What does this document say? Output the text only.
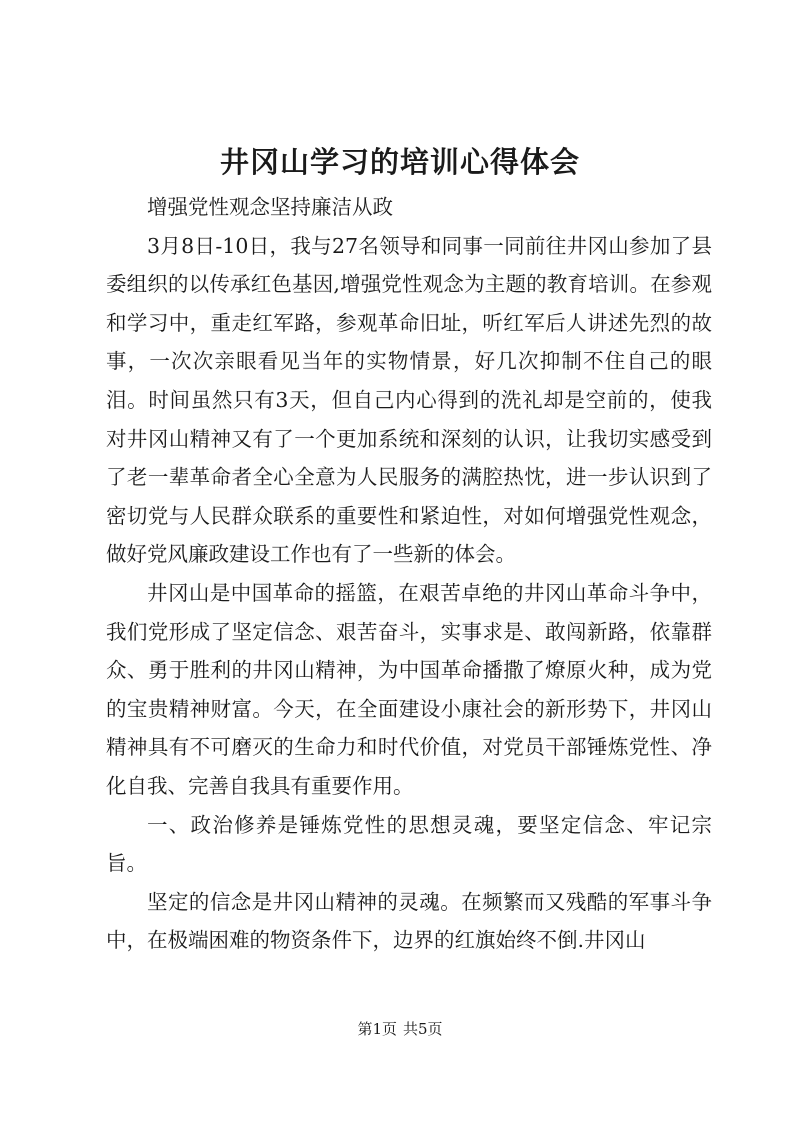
井冈山学习的培训心得体会

增强党性观念坚持廉洁从政

3月8日-10日，我与27名领导和同事一同前往井冈山参加了县委组织的以传承红色基因,增强党性观念为主题的教育培训。在参观和学习中，重走红军路，参观革命旧址，听红军后人讲述先烈的故事，一次次亲眼看见当年的实物情景，好几次抑制不住自己的眼泪。时间虽然只有3天，但自己内心得到的洗礼却是空前的，使我对井冈山精神又有了一个更加系统和深刻的认识，让我切实感受到了老一辈革命者全心全意为人民服务的满腔热忱，进一步认识到了密切党与人民群众联系的重要性和紧迫性，对如何增强党性观念，做好党风廉政建设工作也有了一些新的体会。

井冈山是中国革命的摇篮，在艰苦卓绝的井冈山革命斗争中，我们党形成了坚定信念、艰苦奋斗，实事求是、敢闯新路，依靠群众、勇于胜利的井冈山精神，为中国革命播撒了燎原火种，成为党的宝贵精神财富。今天，在全面建设小康社会的新形势下，井冈山精神具有不可磨灭的生命力和时代价值，对党员干部锤炼党性、净化自我、完善自我具有重要作用。

一、政治修养是锤炼党性的思想灵魂，要坚定信念、牢记宗旨。

坚定的信念是井冈山精神的灵魂。在频繁而又残酷的军事斗争中，在极端困难的物资条件下，边界的红旗始终不倒.井冈山

第1页 共5页
